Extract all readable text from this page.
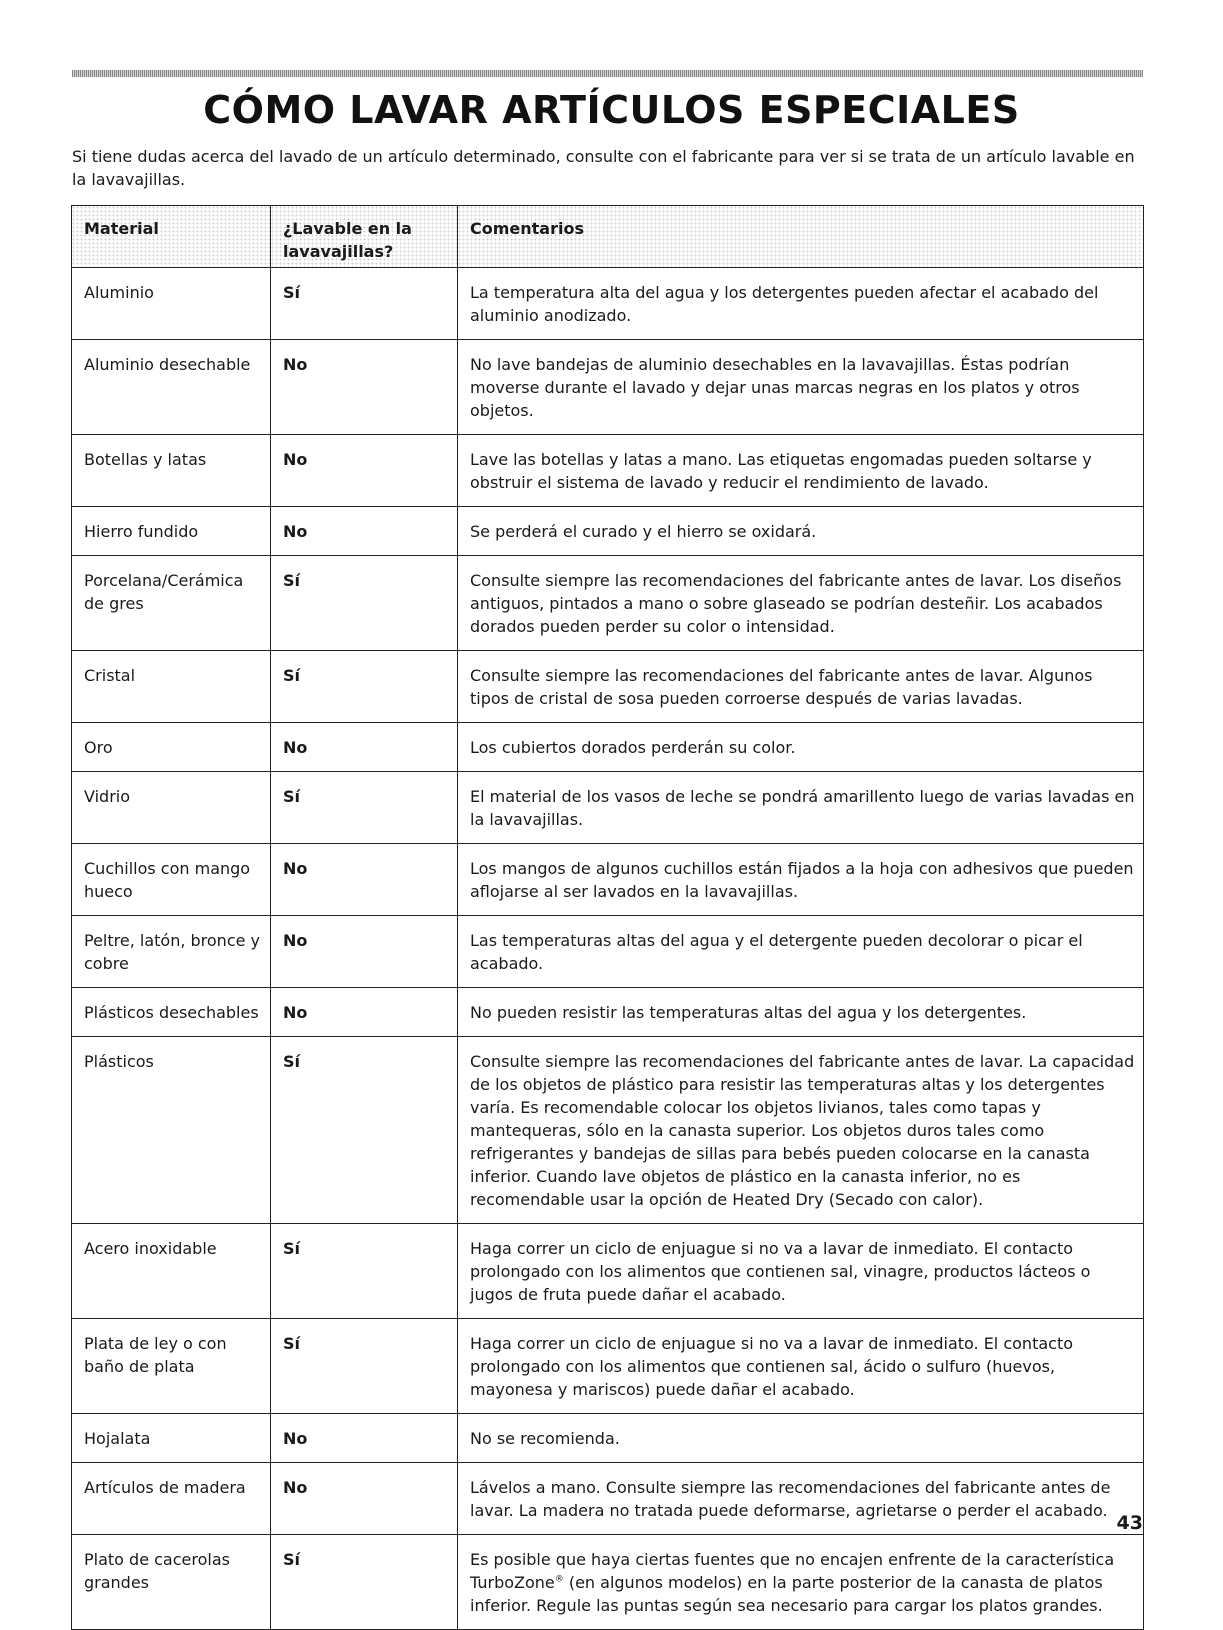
CÓMO LAVAR ARTÍCULOS ESPECIALES

Si tiene dudas acerca del lavado de un artículo determinado, consulte con el fabricante para ver si se trata de un artículo lavable en la lavavajillas.

Material	¿Lavable en la lavavajillas?	Comentarios
Aluminio	Sí	La temperatura alta del agua y los detergentes pueden afectar el acabado del aluminio anodizado.
Aluminio desechable	No	No lave bandejas de aluminio desechables en la lavavajillas. Éstas podrían moverse durante el lavado y dejar unas marcas negras en los platos y otros objetos.
Botellas y latas	No	Lave las botellas y latas a mano. Las etiquetas engomadas pueden soltarse y obstruir el sistema de lavado y reducir el rendimiento de lavado.
Hierro fundido	No	Se perderá el curado y el hierro se oxidará.
Porcelana/Cerámica de gres	Sí	Consulte siempre las recomendaciones del fabricante antes de lavar. Los diseños antiguos, pintados a mano o sobre glaseado se podrían desteñir. Los acabados dorados pueden perder su color o intensidad.
Cristal	Sí	Consulte siempre las recomendaciones del fabricante antes de lavar. Algunos tipos de cristal de sosa pueden corroerse después de varias lavadas.
Oro	No	Los cubiertos dorados perderán su color.
Vidrio	Sí	El material de los vasos de leche se pondrá amarillento luego de varias lavadas en la lavavajillas.
Cuchillos con mango hueco	No	Los mangos de algunos cuchillos están fijados a la hoja con adhesivos que pueden aflojarse al ser lavados en la lavavajillas.
Peltre, latón, bronce y cobre	No	Las temperaturas altas del agua y el detergente pueden decolorar o picar el acabado.
Plásticos desechables	No	No pueden resistir las temperaturas altas del agua y los detergentes.
Plásticos	Sí	Consulte siempre las recomendaciones del fabricante antes de lavar. La capacidad de los objetos de plástico para resistir las temperaturas altas y los detergentes varía. Es recomendable colocar los objetos livianos, tales como tapas y mantequeras, sólo en la canasta superior. Los objetos duros tales como refrigerantes y bandejas de sillas para bebés pueden colocarse en la canasta inferior. Cuando lave objetos de plástico en la canasta inferior, no es recomendable usar la opción de Heated Dry (Secado con calor).
Acero inoxidable	Sí	Haga correr un ciclo de enjuague si no va a lavar de inmediato. El contacto prolongado con los alimentos que contienen sal, vinagre, productos lácteos o jugos de fruta puede dañar el acabado.
Plata de ley o con baño de plata	Sí	Haga correr un ciclo de enjuague si no va a lavar de inmediato. El contacto prolongado con los alimentos que contienen sal, ácido o sulfuro (huevos, mayonesa y mariscos) puede dañar el acabado.
Hojalata	No	No se recomienda.
Artículos de madera	No	Lávelos a mano. Consulte siempre las recomendaciones del fabricante antes de lavar. La madera no tratada puede deformarse, agrietarse o perder el acabado.
Plato de cacerolas grandes	Sí	Es posible que haya ciertas fuentes que no encajen enfrente de la característica TurboZone® (en algunos modelos) en la parte posterior de la canasta de platos inferior. Regule las puntas según sea necesario para cargar los platos grandes.
43
